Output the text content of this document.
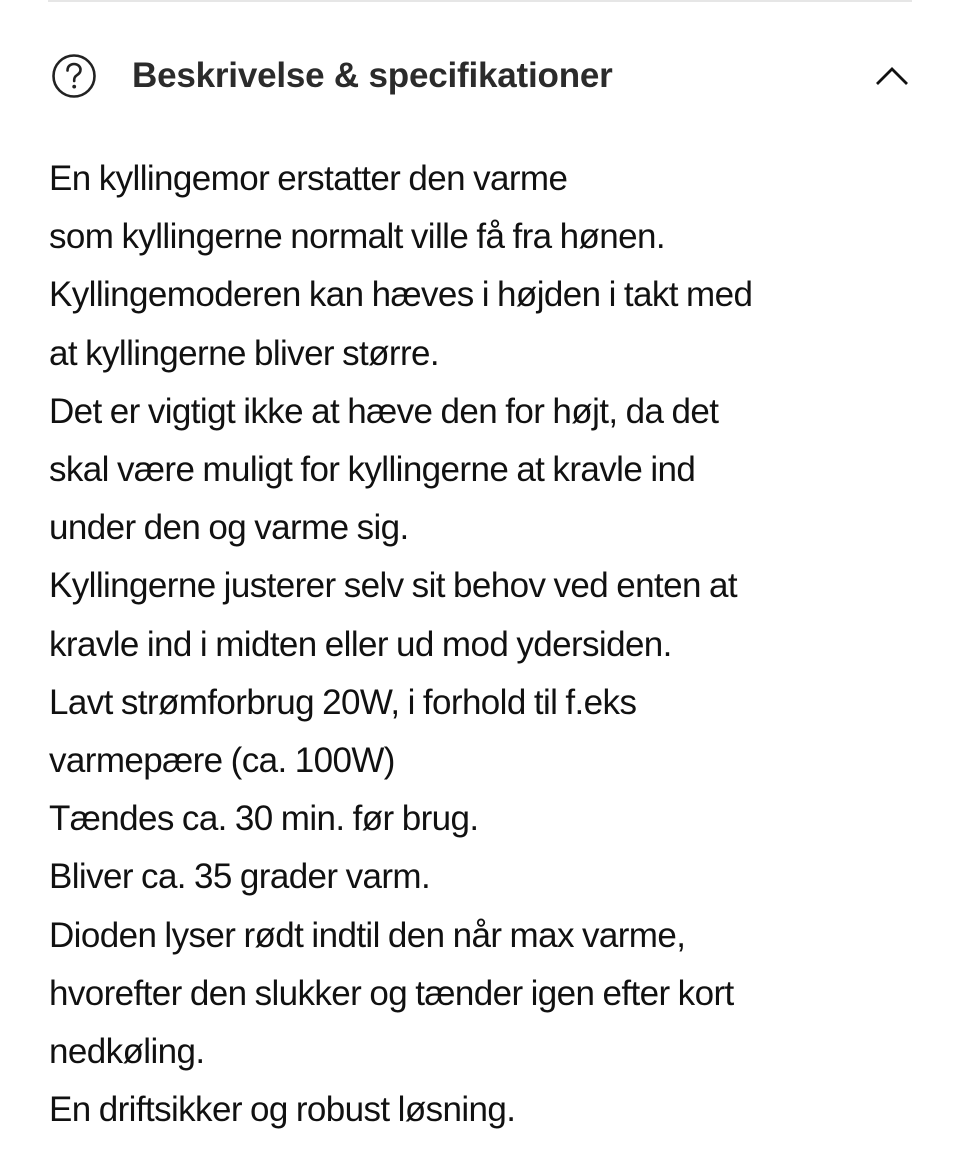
Beskrivelse & specifikationer
En kyllingemor erstatter den varme
som kyllingerne normalt ville få fra hønen.
Kyllingemoderen kan hæves i højden i takt med
at kyllingerne bliver større.
Det er vigtigt ikke at hæve den for højt, da det
skal være muligt for kyllingerne at kravle ind
under den og varme sig.
Kyllingerne justerer selv sit behov ved enten at
kravle ind i midten eller ud mod ydersiden.
Lavt strømforbrug 20W, i forhold til f.eks
varmepære (ca. 100W)
Tændes ca. 30 min. før brug.
Bliver ca. 35 grader varm.
Dioden lyser rødt indtil den når max varme,
hvorefter den slukker og tænder igen efter kort
nedkøling.
En driftsikker og robust løsning.
